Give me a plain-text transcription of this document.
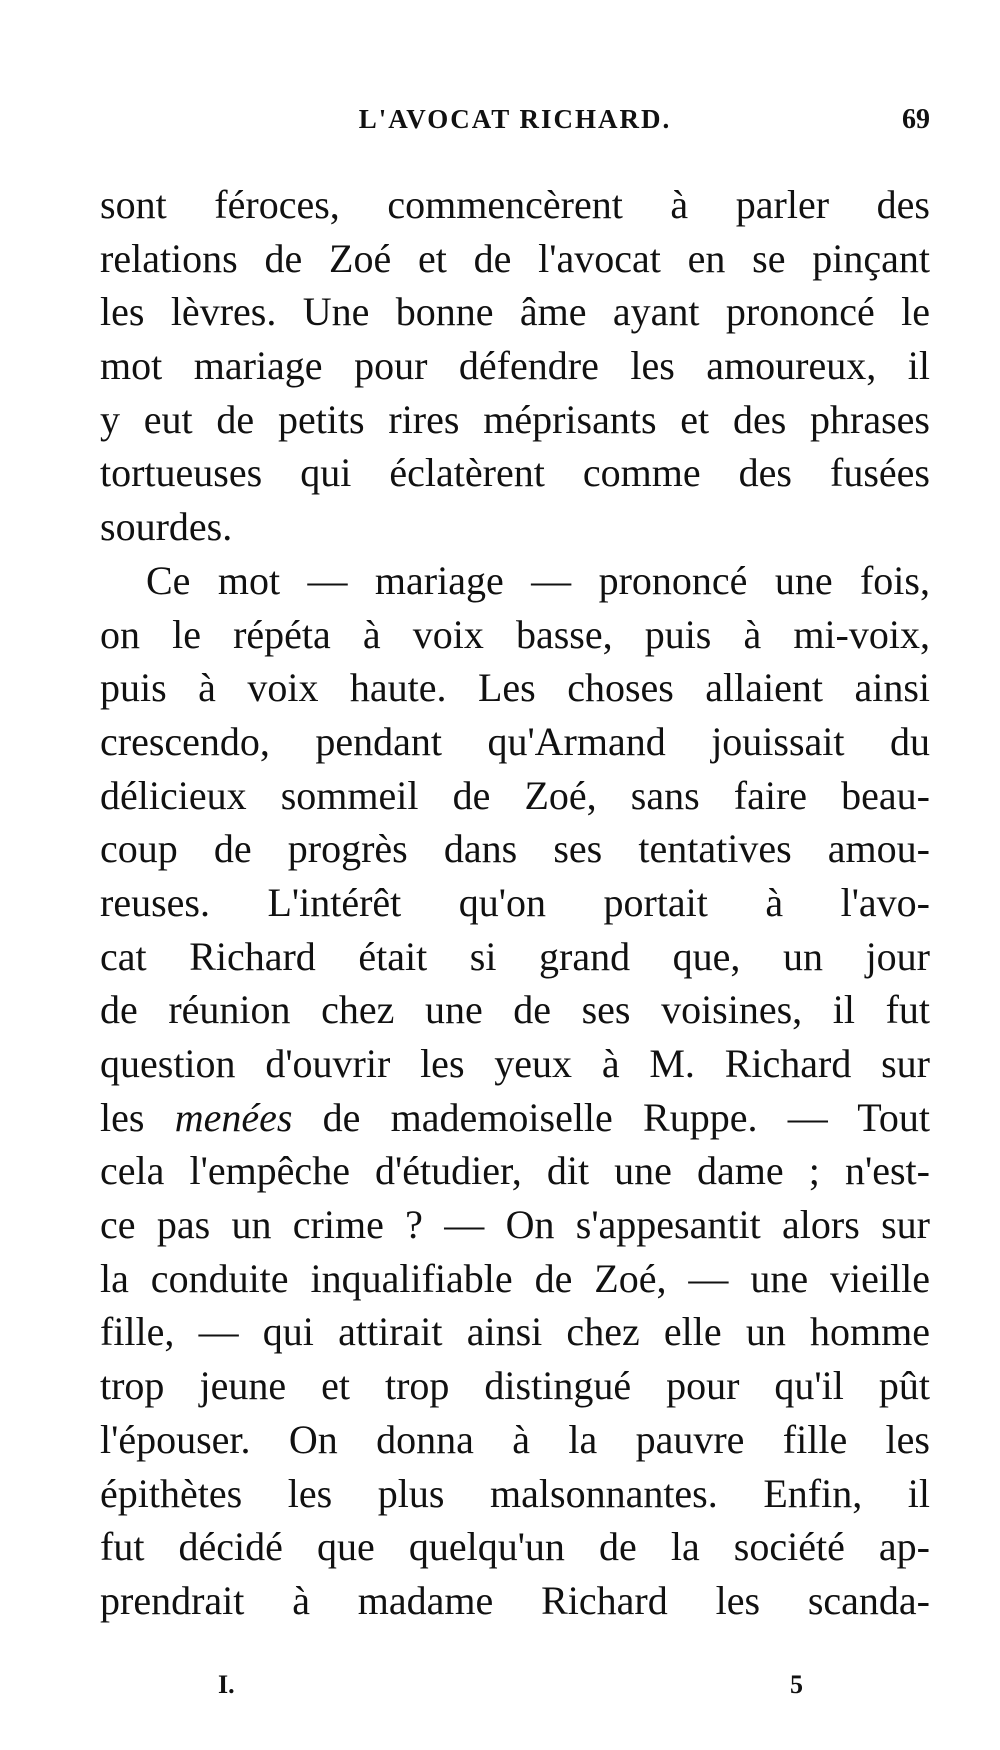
L'AVOCAT RICHARD.	69
sont féroces, commencèrent à parler des
relations de Zoé et de l'avocat en se pinçant
les lèvres. Une bonne âme ayant prononcé le
mot mariage pour défendre les amoureux, il
y eut de petits rires méprisants et des phrases
tortueuses qui éclatèrent comme des fusées
sourdes.
Ce mot — mariage — prononcé une fois,
on le répéta à voix basse, puis à mi-voix,
puis à voix haute. Les choses allaient ainsi
crescendo, pendant qu'Armand jouissait du
délicieux sommeil de Zoé, sans faire beau-
coup de progrès dans ses tentatives amou-
reuses. L'intérêt qu'on portait à l'avo-
cat Richard était si grand que, un jour
de réunion chez une de ses voisines, il fut
question d'ouvrir les yeux à M. Richard sur
les menées de mademoiselle Ruppe. — Tout
cela l'empêche d'étudier, dit une dame ; n'est-
ce pas un crime ? — On s'appesantit alors sur
la conduite inqualifiable de Zoé, — une vieille
fille, — qui attirait ainsi chez elle un homme
trop jeune et trop distingué pour qu'il pût
l'épouser. On donna à la pauvre fille les
épithètes les plus malsonnantes. Enfin, il
fut décidé que quelqu'un de la société ap-
prendrait à madame Richard les scanda-
I.	5
